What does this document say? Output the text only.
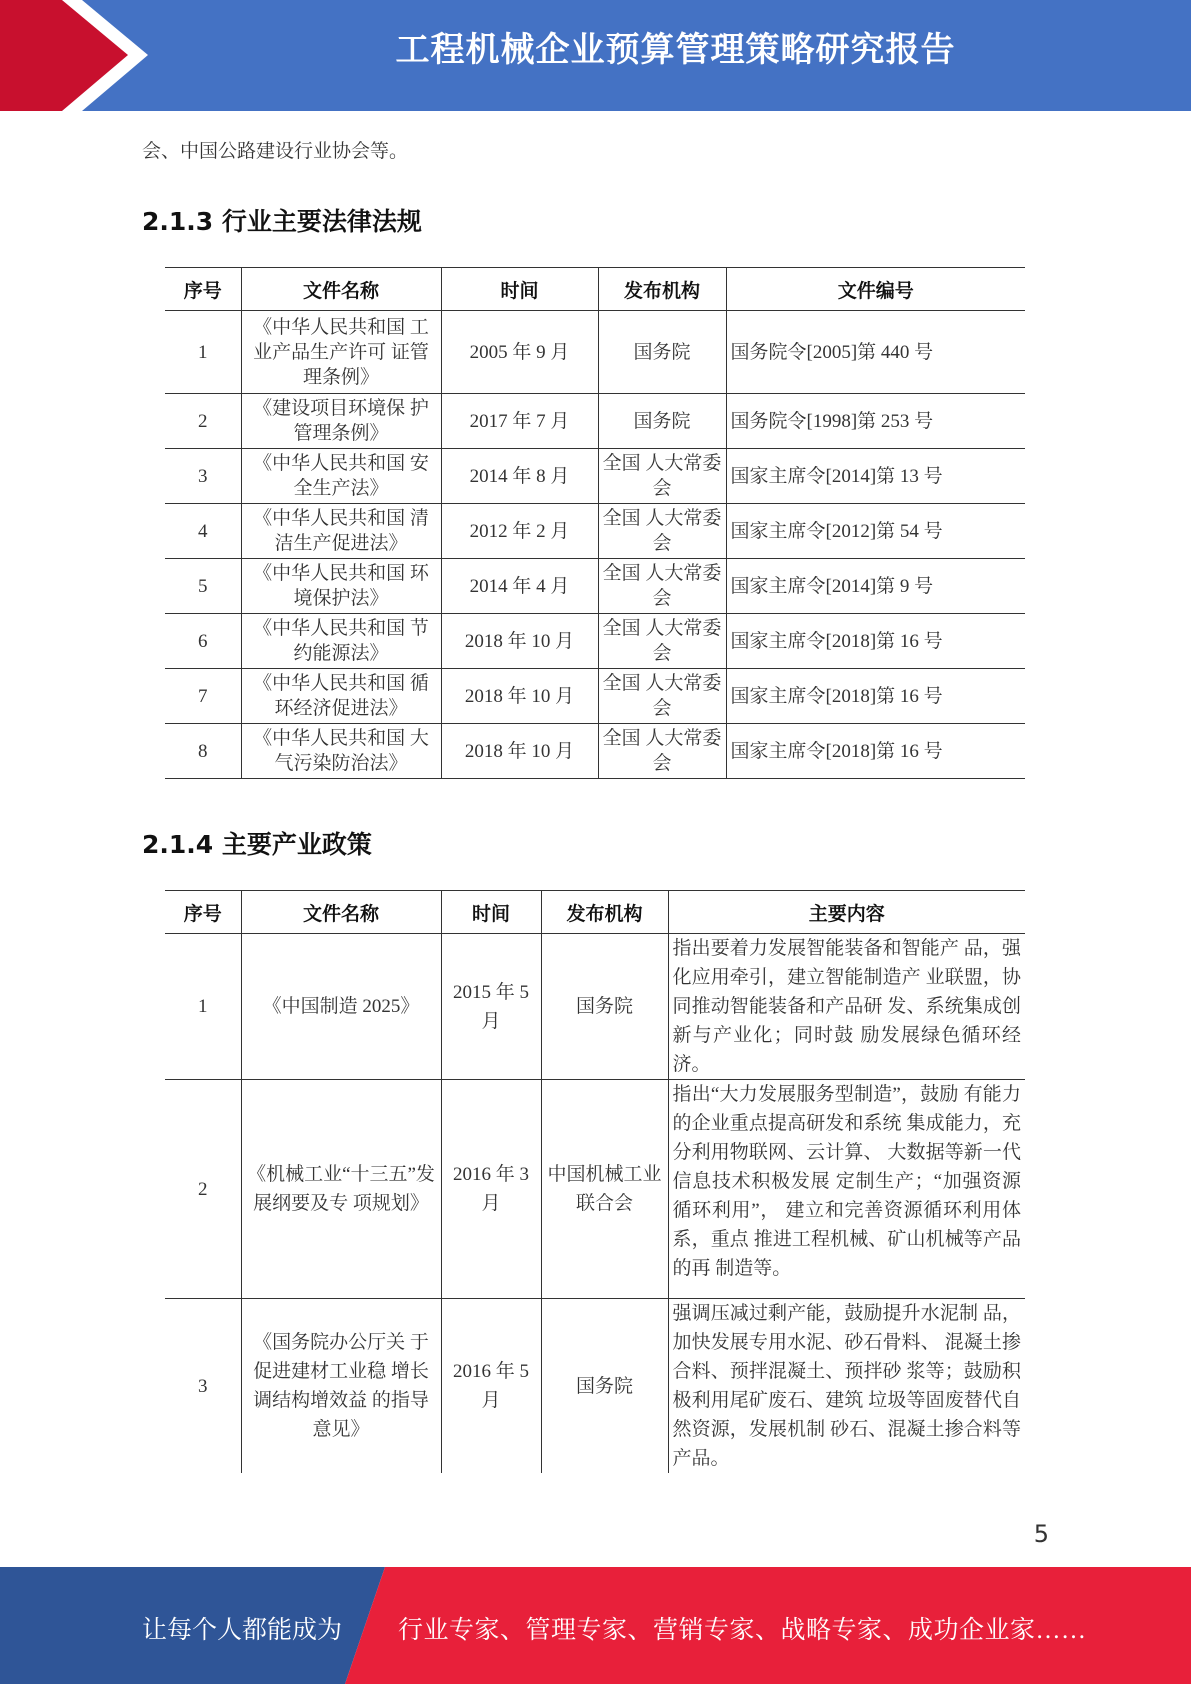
工程机械企业预算管理策略研究报告
会、中国公路建设行业协会等。
2.1.3 行业主要法律法规
序号	文件名称	时间	发布机构	文件编号
1	《中华人民共和国 工业产品生产许可 证管理条例》	2005 年 9 月	国务院	国务院令[2005]第 440 号
2	《建设项目环境保 护管理条例》	2017 年 7 月	国务院	国务院令[1998]第 253 号
3	《中华人民共和国 安全生产法》	2014 年 8 月	全国 人大常委会	国家主席令[2014]第 13 号
4	《中华人民共和国 清洁生产促进法》	2012 年 2 月	全国 人大常委会	国家主席令[2012]第 54 号
5	《中华人民共和国 环境保护法》	2014 年 4 月	全国 人大常委会	国家主席令[2014]第 9 号
6	《中华人民共和国 节约能源法》	2018 年 10 月	全国 人大常委会	国家主席令[2018]第 16 号
7	《中华人民共和国 循环经济促进法》	2018 年 10 月	全国 人大常委会	国家主席令[2018]第 16 号
8	《中华人民共和国 大气污染防治法》	2018 年 10 月	全国 人大常委会	国家主席令[2018]第 16 号
2.1.4 主要产业政策
序号	文件名称	时间	发布机构	主要内容
1	《中国制造 2025》	2015 年 5 月	国务院	指出要着力发展智能装备和智能产 品，强化应用牵引，建立智能制造产 业联盟，协同推动智能装备和产品研 发、系统集成创新与产业化；同时鼓 励发展绿色循环经济。
2	《机械工业“十三五”发展纲要及专 项规划》	2016 年 3 月	中国机械工业联合会	指出“大力发展服务型制造”，鼓励 有能力的企业重点提高研发和系统 集成能力，充分利用物联网、云计算、 大数据等新一代信息技术积极发展 定制生产；“加强资源循环利用”， 建立和完善资源循环利用体系，重点 推进工程机械、矿山机械等产品的再 制造等。
3	《国务院办公厅关 于促进建材工业稳 增长调结构增效益 的指导意见》	2016 年 5 月	国务院	强调压减过剩产能，鼓励提升水泥制 品，加快发展专用水泥、砂石骨料、 混凝土掺合料、预拌混凝土、预拌砂 浆等；鼓励积极利用尾矿废石、建筑 垃圾等固废替代自然资源，发展机制 砂石、混凝土掺合料等产品。
5
让每个人都能成为 行业专家、管理专家、营销专家、战略专家、成功企业家……
